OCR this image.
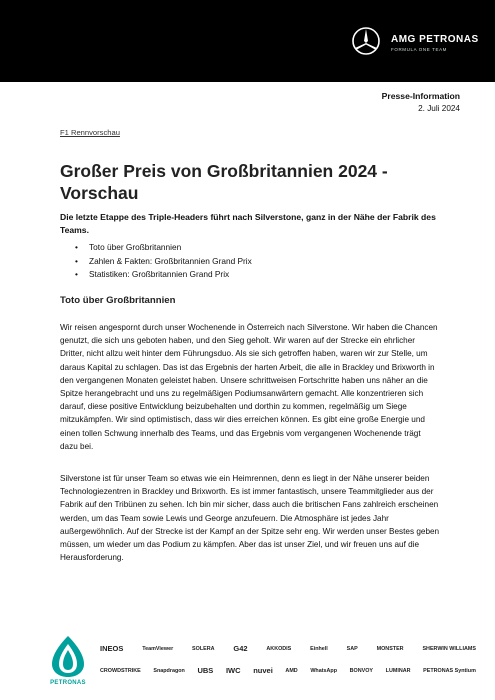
AMG PETRONAS
FORMULA ONE TEAM
Presse-Information
2. Juli 2024
F1 Rennvorschau
Großer Preis von Großbritannien 2024 - Vorschau

Die letzte Etappe des Triple-Headers führt nach Silverstone, ganz in der Nähe der Fabrik des Teams.

• Toto über Großbritannien
• Zahlen & Fakten: Großbritannien Grand Prix
• Statistiken: Großbritannien Grand Prix
Toto über Großbritannien

Wir reisen angespornt durch unser Wochenende in Österreich nach Silverstone. Wir haben die Chancen genutzt, die sich uns geboten haben, und den Sieg geholt. Wir waren auf der Strecke ein ehrlicher Dritter, nicht allzu weit hinter dem Führungsduo. Als sie sich getroffen haben, waren wir zur Stelle, um daraus Kapital zu schlagen. Das ist das Ergebnis der harten Arbeit, die alle in Brackley und Brixworth in den vergangenen Monaten geleistet haben. Unsere schrittweisen Fortschritte haben uns näher an die Spitze herangebracht und uns zu regelmäßigen Podiumsanwärtern gemacht. Alle konzentrieren sich darauf, diese positive Entwicklung beizubehalten und dorthin zu kommen, regelmäßig um Siege mitzukämpfen. Wir sind optimistisch, dass wir dies erreichen können. Es gibt eine große Energie und einen tollen Schwung innerhalb des Teams, und das Ergebnis vom vergangenen Wochenende trägt dazu bei.

Silverstone ist für unser Team so etwas wie ein Heimrennen, denn es liegt in der Nähe unserer beiden Technologiezentren in Brackley und Brixworth. Es ist immer fantastisch, unsere Teammitglieder aus der Fabrik auf den Tribünen zu sehen. Ich bin mir sicher, dass auch die britischen Fans zahlreich erscheinen werden, um das Team sowie Lewis und George anzufeuern. Die Atmosphäre ist jedes Jahr außergewöhnlich. Auf der Strecke ist der Kampf an der Spitze sehr eng. Wir werden unser Bestes geben müssen, um wieder um das Podium zu kämpfen. Aber das ist unser Ziel, und wir freuen uns auf die Herausforderung.

PETRONAS
INEOS	TeamViewer	SOLERA	G42	AKKODIS	Einhell	SAP	MONSTER	SHERWIN WILLIAMS
CROWDSTRIKE Snapdragon UBS IWC nuvei AMD WhatsApp BONVOY LUMINAR PETRONAS Syntium
